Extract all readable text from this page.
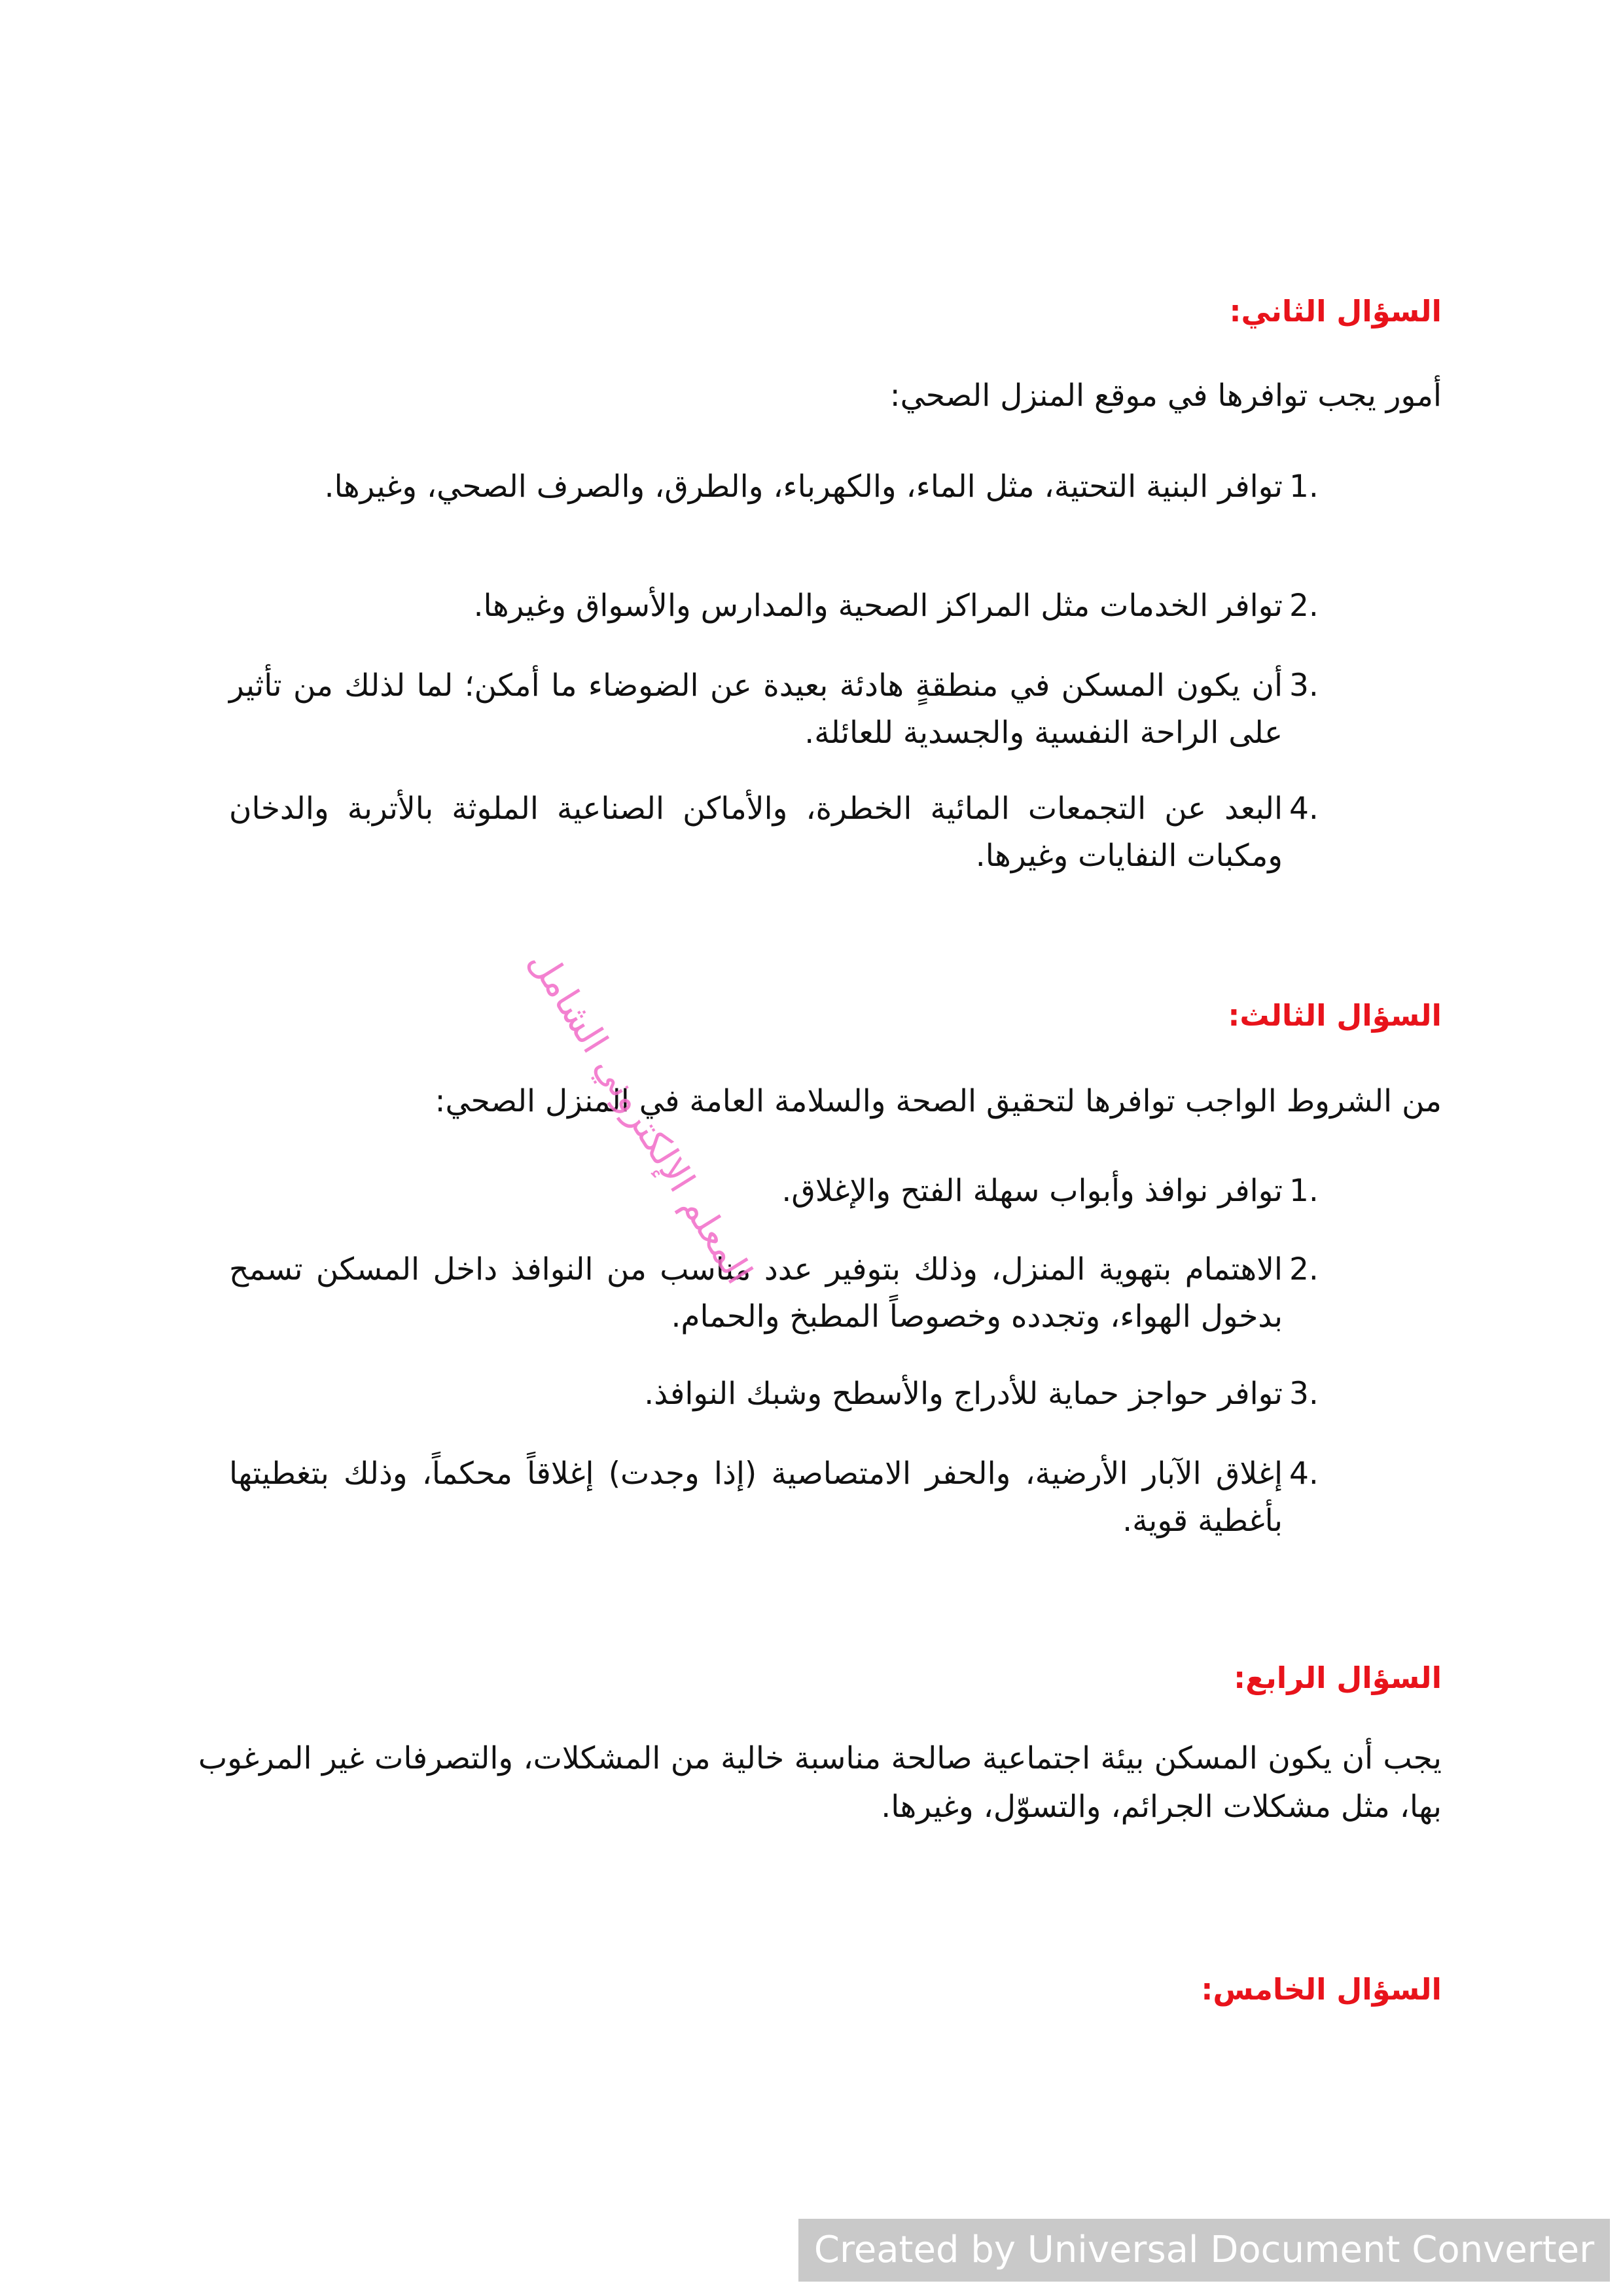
السؤال الثاني:
أمور يجب توافرها في موقع المنزل الصحي:
1.
توافر البنية التحتية، مثل الماء، والكهرباء، والطرق، والصرف الصحي، وغيرها.
2.
توافر الخدمات مثل المراكز الصحية والمدارس والأسواق وغيرها.
3.
أن يكون المسكن في منطقةٍ هادئة بعيدة عن الضوضاء ما أمكن؛ لما لذلك من تأثير على الراحة النفسية والجسدية للعائلة.
4.
البعد عن التجمعات المائية الخطرة، والأماكن الصناعية الملوثة بالأتربة والدخان ومكبات النفايات وغيرها.
السؤال الثالث:
من الشروط الواجب توافرها لتحقيق الصحة والسلامة العامة في المنزل الصحي:
1.
توافر نوافذ وأبواب سهلة الفتح والإغلاق.
2.
الاهتمام بتهوية المنزل، وذلك بتوفير عدد مناسب من النوافذ داخل المسكن تسمح بدخول الهواء، وتجدده وخصوصاً المطبخ والحمام.
3.
توافر حواجز حماية للأدراج والأسطح وشبك النوافذ.
4.
إغلاق الآبار الأرضية، والحفر الامتصاصية (إذا وجدت) إغلاقاً محكماً، وذلك بتغطيتها بأغطية قوية.
السؤال الرابع:
يجب أن يكون المسكن بيئة اجتماعية صالحة مناسبة خالية من المشكلات، والتصرفات غير المرغوب بها، مثل مشكلات الجرائم، والتسوّل، وغيرها.
السؤال الخامس:
المعلم الإلكتروني الشامل
Created by Universal Document Converter
